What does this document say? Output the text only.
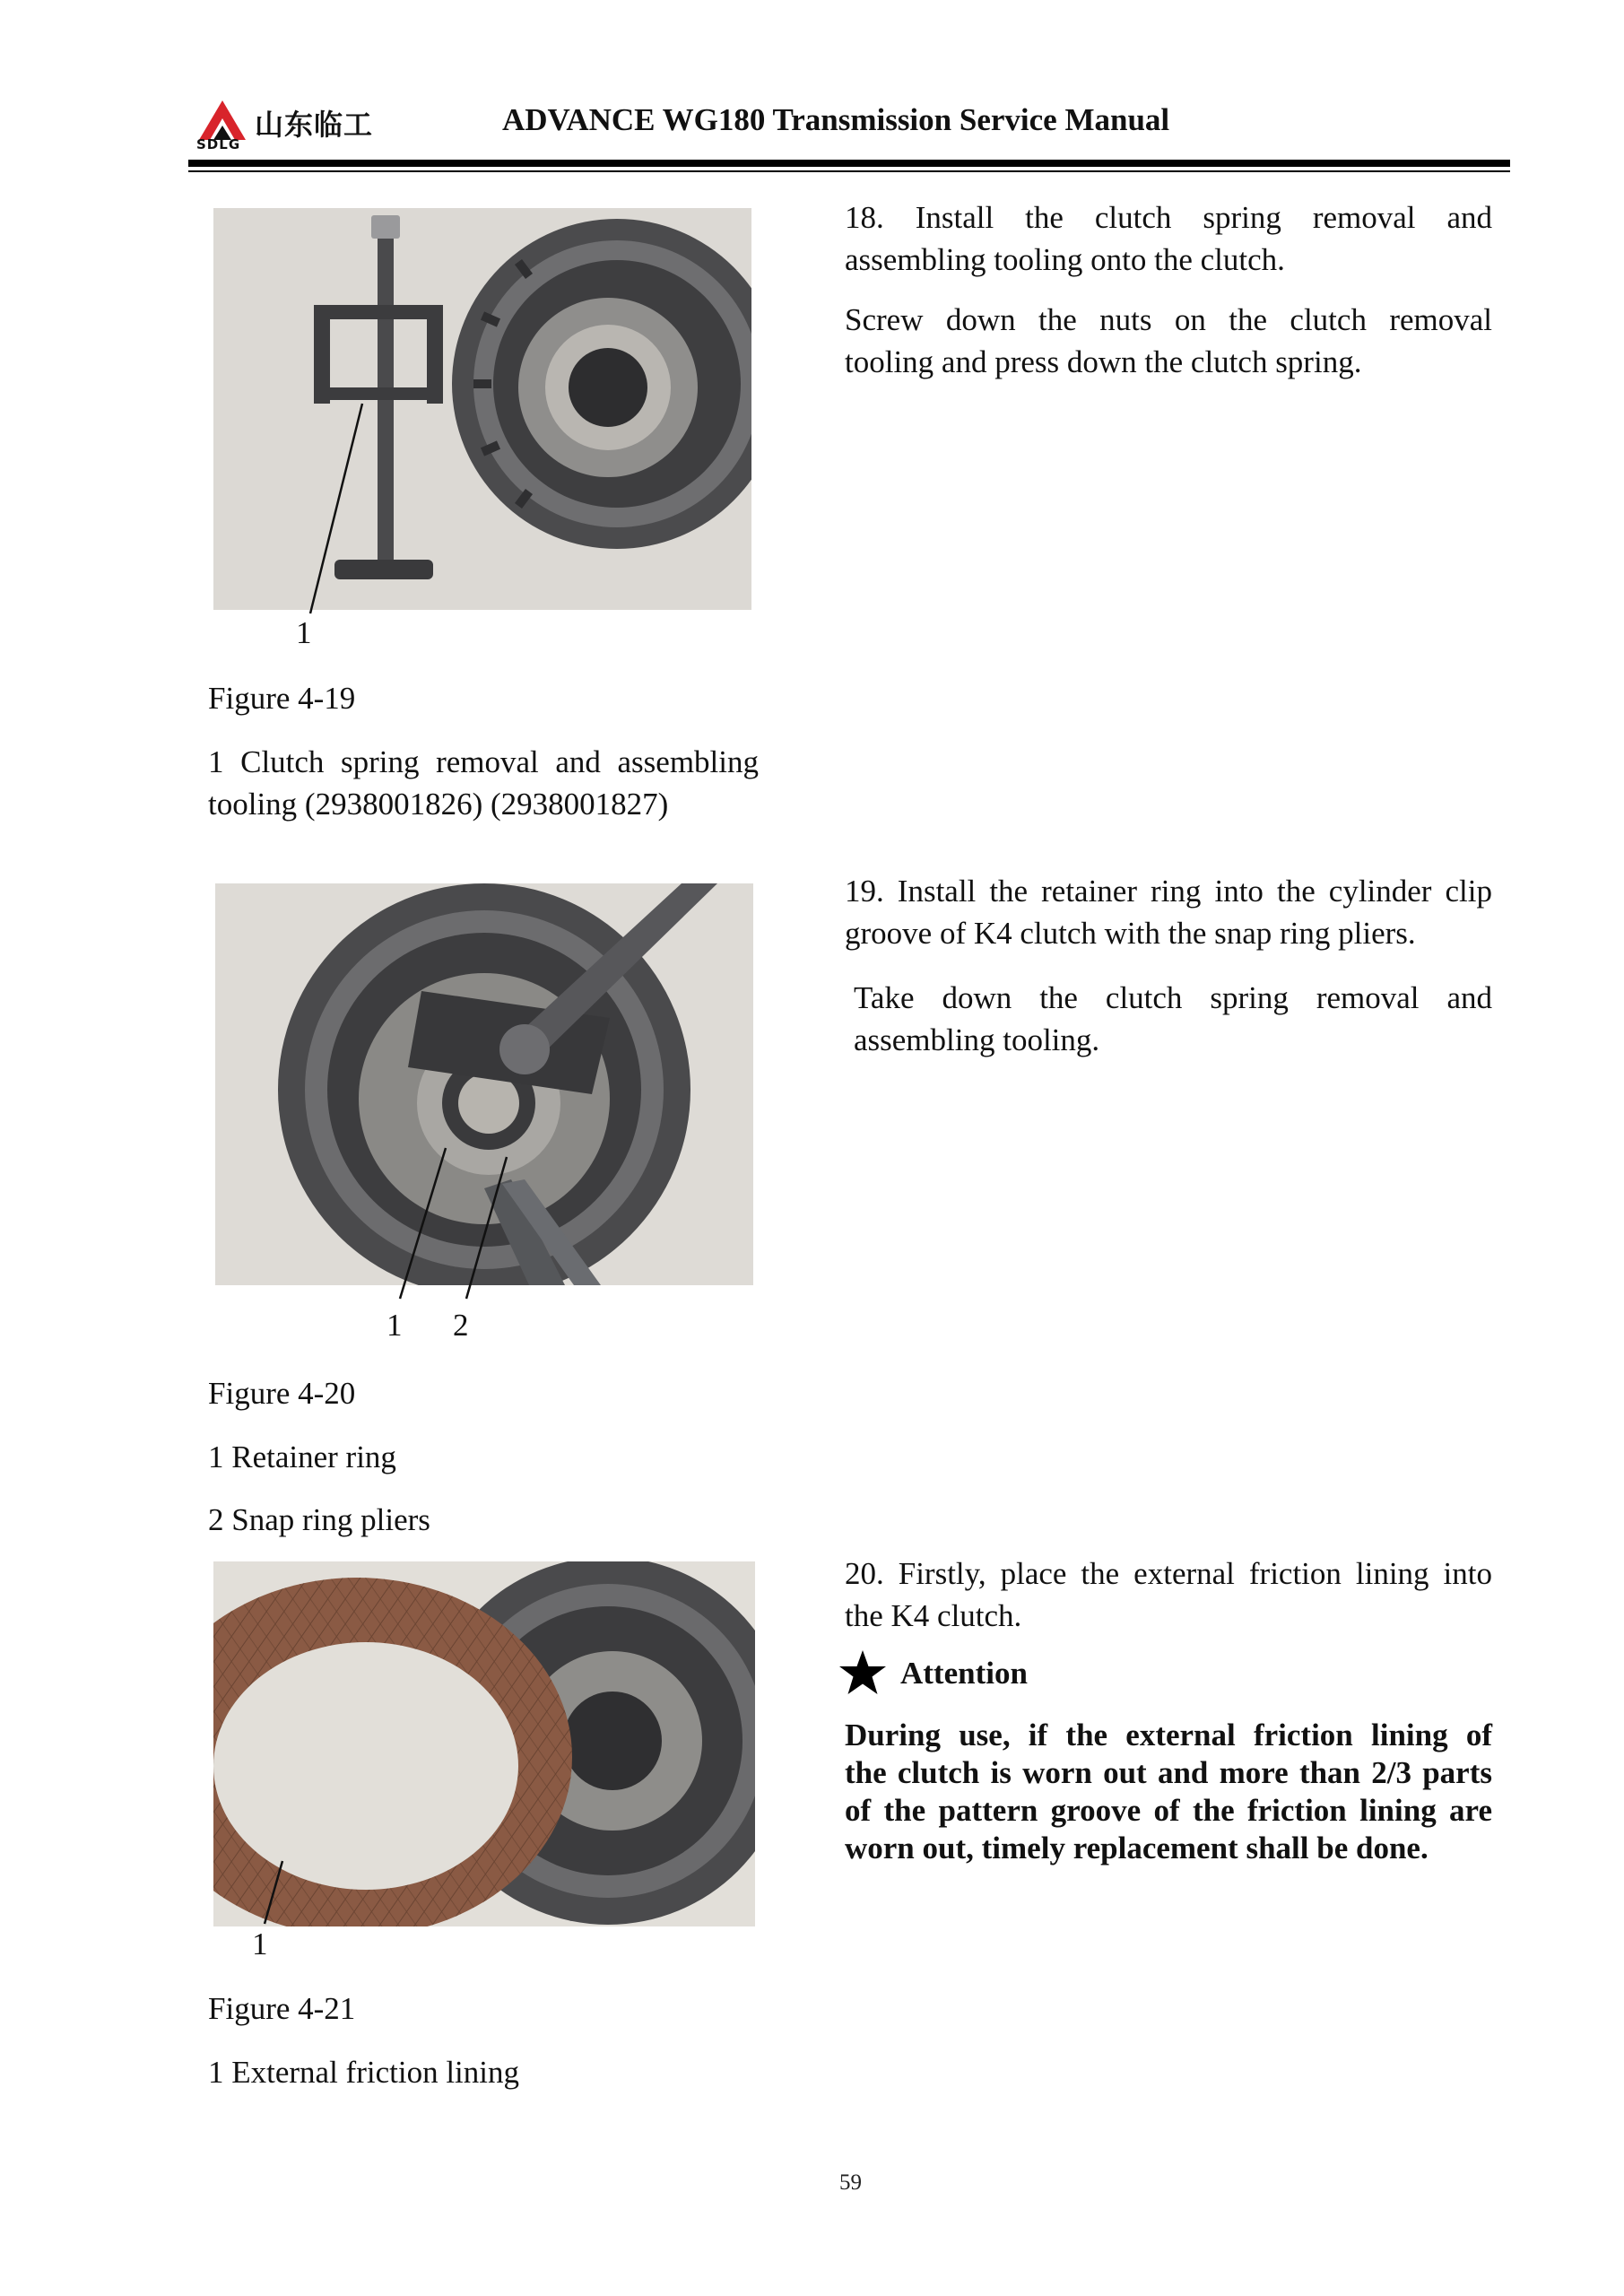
山东临工
SDLG
ADVANCE WG180 Transmission Service Manual
1
Figure 4-19
1 Clutch spring removal and assembling
tooling (2938001826) (2938001827)
1 2
Figure 4-20
1 Retainer ring
2 Snap ring pliers
1
Figure 4-21
1 External friction lining
18. Install the clutch spring removal and
assembling tooling onto the clutch.
Screw down the nuts on the clutch removal
tooling and press down the clutch spring.
19. Install the retainer ring into the cylinder clip
groove of K4 clutch with the snap ring pliers.
Take down the clutch spring removal and
assembling tooling.
20. Firstly, place the external friction lining into
the K4 clutch.
Attention
During use, if the external friction lining of
the clutch is worn out and more than 2/3 parts
of the pattern groove of the friction lining are
worn out, timely replacement shall be done.
59
